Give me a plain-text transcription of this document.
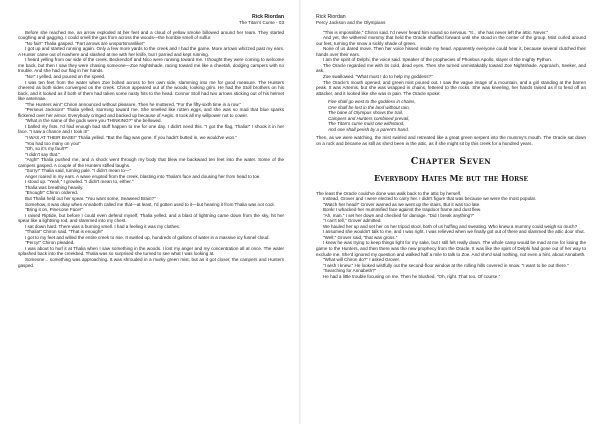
Rick Riordan
The Titan's Curse - 03

Before she reached me, an arrow exploded at her feet and a cloud of yellow smoke billowed around her team. They started coughing and gagging. I could smell the gas from across the woods—the horrible smell of sulfur.

"No fair!" Thalia gasped. "Fart arrows are unsportsmanlike!"

I got up and started running again. Only a few more yards to the creek and I had the game. More arrows whizzed past my ears. A Hunter came out of nowhere and slashed at me with her knife, but I parried and kept running.

I heard yelling from our side of the creek. Beckendorf and Nico were running toward me. I thought they were coming to welcome me back, but then I saw they were chasing someone—Zoe Nightshade, racing toward me like a cheetah, dodging campers with no trouble. And she had our flag in her hands.

"No!" I yelled, and poured on the speed.

I was ten feet from the water when Zoe bolted across to her own side, slamming into me for good measure. The Hunters cheered as both sides converged on the creek. Chiron appeared out of the woods, looking grim. He had the Stoll brothers on his back, and it looked as if both of them had taken some nasty hits to the head. Connor Stoll had two arrows sticking out of his helmet like antennae.

"The Hunters win!" Chiron announced without pleasure. Then he muttered, "For the fifty-sixth time in a row."

"Perseus Jackson!" Thalia yelled, storming toward me. She smelled like rotten eggs, and she was so mad that blue sparks flickered over her armor. Everybody cringed and backed up because of Aegis. It took all my willpower not to cower.

"What in the name of the gods were you THINKING?" she bellowed.

I balled my fists. I'd had enough bad stuff happen to me for one day. I didn't need this. "I got the flag, Thalia!" I shook it in her face. "I saw a chance and I took it!"

"I WAS AT THEIR BASE!" Thalia yelled. "But the flag was gone. If you hadn't butted in, we would've won."

"You had too many on you!"

"Oh, so it's my fault?"

"I didn't say that."

"Argh!" Thalia pushed me, and a shock went through my body that blew me backward ten feet into the water. Some of the campers gasped. A couple of the Hunters stifled laughs.

"Sorry!" Thalia said, turning pale. "I didn't mean to—"

Anger roared in my ears. A wave erupted from the creek, blasting into Thalia's face and dousing her from head to toe.

I stood up. "Yeah," I growled. "I didn't mean to, either."

Thalia was breathing heavily.

"Enough!" Chiron ordered.

But Thalia held out her spear. "You want some, Seaweed Brain?"

Somehow, it was okay when Annabeth called me that—at least, I'd gotten used to it—but hearing it from Thalia was not cool.

"Bring it on, Pinecone Face!"

I raised Riptide, but before I could even defend myself, Thalia yelled, and a blast of lightning came down from the sky, hit her spear like a lightning rod, and slammed into my chest.

I sat down hard. There was a burning smell. I had a feeling it was my clothes.

"Thalia!" Chiron said. "That is enough!"

I got to my feet and willed the entire creek to rise. It swirled up, hundreds of gallons of water in a massive icy funnel cloud.

"Percy!" Chiron pleaded.

I was about to hurl it at Thalia when I saw something in the woods. I lost my anger and my concentration all at once. The water splashed back into the creekbed. Thalia was so surprised she turned to see what I was looking at.

Someone... something was approaching. It was shrouded in a murky green mist, but as it got closer, the campers and Hunters gasped.

Rick Riordan
Percy Jackson and the Olympians

"This is impossible," Chiron said. I'd never heard him sound so nervous. "It... she has never left the attic. Never."

And yet, the withered mummy that held the Oracle shuffled forward until she stood in the center of the group. Mist curled around our feet, turning the snow a sickly shade of green.

None of us dared move. Then her voice hissed inside my head. Apparently everyone could hear it, because several clutched their hands over their ears.

I am the spirit of Delphi, the voice said. Speaker of the prophecies of Phoebus Apollo, slayer of the mighty Python.

The Oracle regarded me with its cold, dead eyes. Then she turned unmistakably toward Zoe Nightshade. Approach, Seeker, and ask.

Zoe swallowed. "What must I do to help my goddess?"

The Oracle's mouth opened, and green mist poured out. I saw the vague image of a mountain, and a girl standing at the barren peak. It was Artemis, but she was wrapped in chains, fettered to the rocks. She was kneeling, her hands raised as if to fend off an attacker, and it looked like she was in pain. The Oracle spoke:

Five shall go west to the goddess in chains,
One shall be lost in the land without rain,
The bane of Olympus shows the trail,
Campers and Hunters combined prevail,
The Titan's curse must one withstand,
And one shall perish by a parent's hand.

Then, as we were watching, the mist swirled and retreated like a great green serpent into the mummy's mouth. The Oracle sat down on a rock and became as still as she'd been in the attic, as if she might sit by this creek for a hundred years.

Chapter Seven
Everybody Hates Me but the Horse

The least the Oracle could've done was walk back to the attic by herself.

Instead, Grover and I were elected to carry her. I didn't figure that was because we were the most popular.

"Watch her head!" Grover warned as we went up the stairs. But it was too late.

Bonk! I whacked her mummified face against the trapdoor frame and dust flew.

"Ah, man." I set her down and checked for damage. "Did I break anything?"

"I can't tell," Grover admitted.

We hauled her up and set her on her tripod stool, both of us huffing and sweating. Who knew a mummy could weigh so much?

I assumed she wouldn't talk to me, and I was right. I was relieved when we finally got out of there and slammed the attic door shut.

"Well," Grover said, "that was gross."

I knew he was trying to keep things light for my sake, but I still felt really down. The whole camp would be mad at me for losing the game to the Hunters, and then there was the new prophecy from the Oracle. It was like the spirit of Delphi had gone out of her way to exclude me. She'd ignored my question and walked half a mile to talk to Zoe. And she'd said nothing, not even a hint, about Annabeth.

"What will Chiron do?" I asked Grover.

"I wish I knew." He looked wistfully out the second-floor window at the rolling hills covered in snow. "I want to be out there."

"Searching for Annabeth?"

He had a little trouble focusing on me. Then he blushed. "Oh, right. That too. Of course."
